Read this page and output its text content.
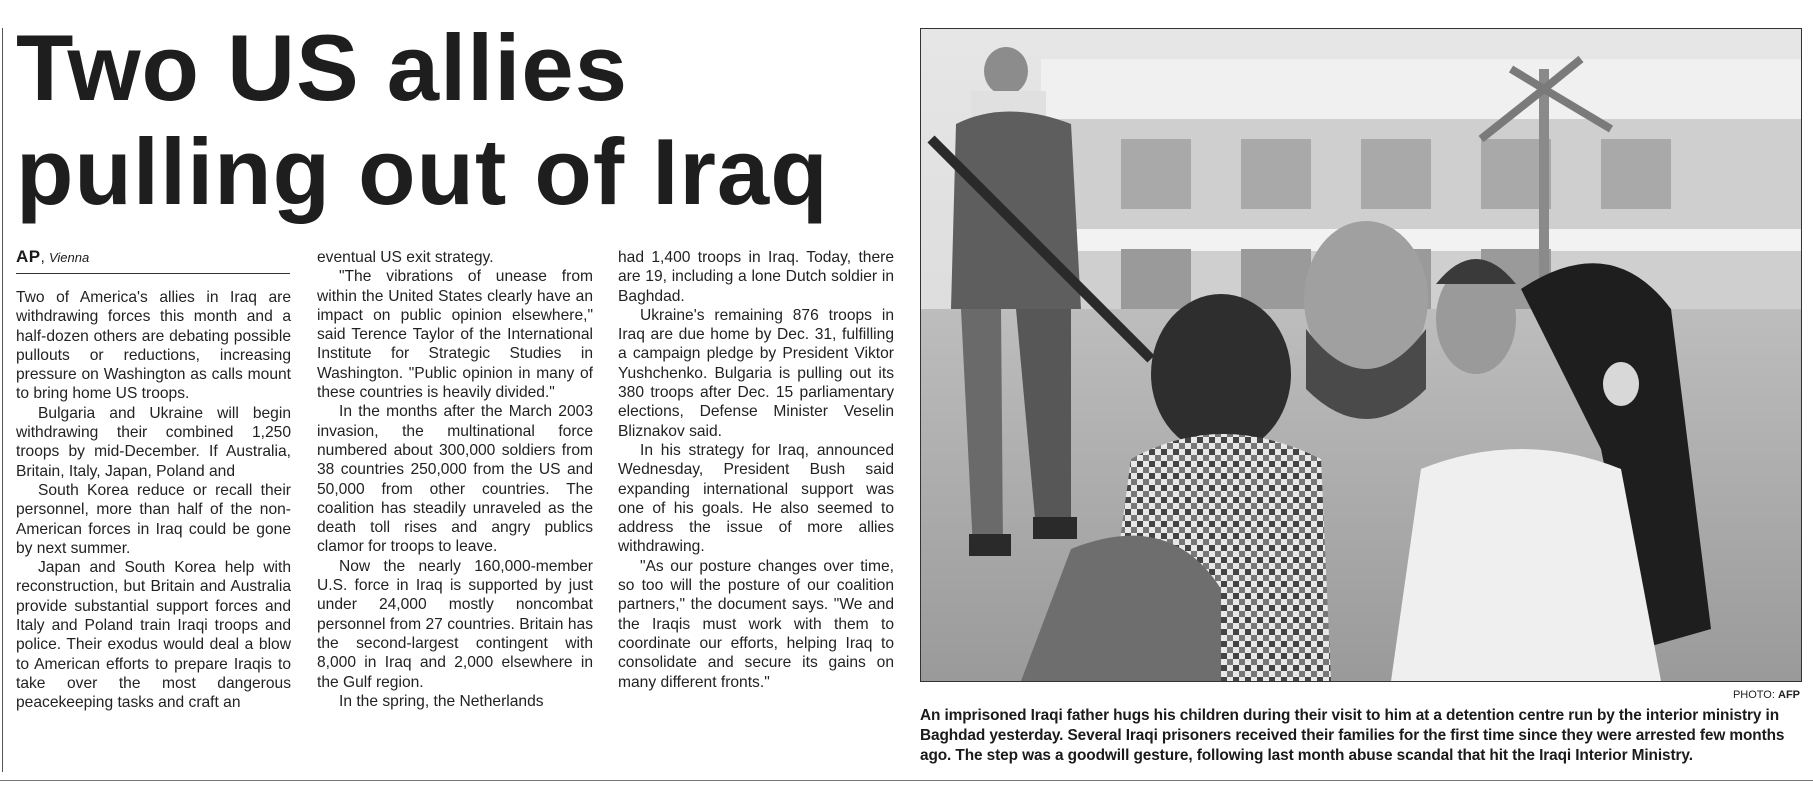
Two US allies pulling out of Iraq
AP, Vienna

Two of America's allies in Iraq are withdrawing forces this month and a half-dozen others are debating possible pullouts or reductions, increasing pressure on Washington as calls mount to bring home US troops.

Bulgaria and Ukraine will begin withdrawing their combined 1,250 troops by mid-December. If Australia, Britain, Italy, Japan, Poland and

South Korea reduce or recall their personnel, more than half of the non-American forces in Iraq could be gone by next summer.

Japan and South Korea help with reconstruction, but Britain and Australia provide substantial support forces and Italy and Poland train Iraqi troops and police. Their exodus would deal a blow to American efforts to prepare Iraqis to take over the most dangerous peacekeeping tasks and craft an

eventual US exit strategy.

"The vibrations of unease from within the United States clearly have an impact on public opinion elsewhere," said Terence Taylor of the International Institute for Strategic Studies in Washington. "Public opinion in many of these countries is heavily divided."

In the months after the March 2003 invasion, the multinational force numbered about 300,000 soldiers from 38 countries 250,000 from the US and 50,000 from other countries. The coalition has steadily unraveled as the death toll rises and angry publics clamor for troops to leave.

Now the nearly 160,000-member U.S. force in Iraq is supported by just under 24,000 mostly noncombat personnel from 27 countries. Britain has the second-largest contingent with 8,000 in Iraq and 2,000 elsewhere in the Gulf region.

In the spring, the Netherlands

had 1,400 troops in Iraq. Today, there are 19, including a lone Dutch soldier in Baghdad.

Ukraine's remaining 876 troops in Iraq are due home by Dec. 31, fulfilling a campaign pledge by President Viktor Yushchenko. Bulgaria is pulling out its 380 troops after Dec. 15 parliamentary elections, Defense Minister Veselin Bliznakov said.

In his strategy for Iraq, announced Wednesday, President Bush said expanding international support was one of his goals. He also seemed to address the issue of more allies withdrawing.

"As our posture changes over time, so too will the posture of our coalition partners," the document says. "We and the Iraqis must work with them to coordinate our efforts, helping Iraq to consolidate and secure its gains on many different fronts."

PHOTO: AFP
An imprisoned Iraqi father hugs his children during their visit to him at a detention centre run by the interior ministry in Baghdad yesterday. Several Iraqi prisoners received their families for the first time since they were arrested few months ago. The step was a goodwill gesture, following last month abuse scandal that hit the Iraqi Interior Ministry.
